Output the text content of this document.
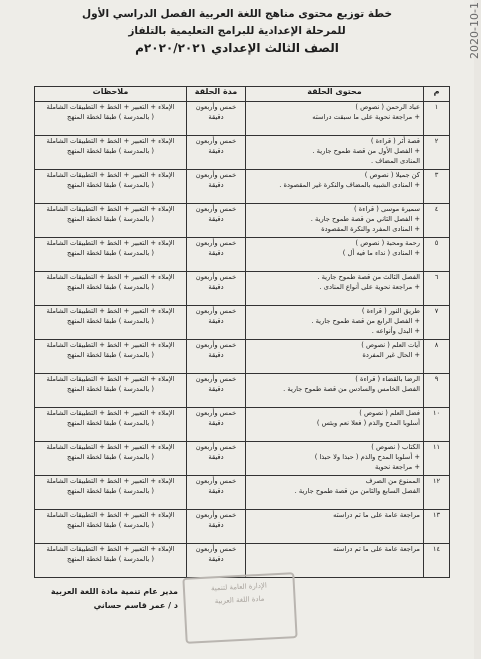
2020-10-1
خطة توزيع محتوى مناهج اللغة العربية الفصل الدراسي الأول
للمرحلة الإعدادية للبرامج التعليمية بالتلفاز
الصف الثالث الإعدادي ٢٠٢٠/٢٠٢١م
م	محتوى الحلقة	مدة الحلقة	ملاحظات
١	عباد الرحمن ( نصوص )
+ مراجعة نحوية على ما سبقت دراسته	خمس وأربعون دقيقة	الإملاء + التعبير + الخط + التطبيقات الشاملة
( بالمدرسة ) طبقا لخطة المنهج

٢	قصة أثر ( قراءة )
+ الفصل الأول من قصة طموح جارية .
المنادى المضاف .	خمس وأربعون دقيقة	الإملاء + التعبير + الخط + التطبيقات الشاملة
( بالمدرسة ) طبقا لخطة المنهج

٣	كن جميلا ( نصوص )
+ المنادى الشبيه بالمضاف والنكرة غير المقصودة .	خمس وأربعون دقيقة	الإملاء + التعبير + الخط + التطبيقات الشاملة
( بالمدرسة ) طبقا لخطة المنهج

٤	سميرة موسى ( قراءة )
+ الفصل الثاني من قصة طموح جارية .
+ المنادى المفرد والنكرة المقصودة	خمس وأربعون دقيقة	الإملاء + التعبير + الخط + التطبيقات الشاملة
( بالمدرسة ) طبقا لخطة المنهج

٥	رحمة ومحبة ( نصوص )
+ المنادى ( نداء ما فيه أل )	خمس وأربعون دقيقة	الإملاء + التعبير + الخط + التطبيقات الشاملة
( بالمدرسة ) طبقا لخطة المنهج

٦	الفصل الثالث من قصة طموح جارية .
+ مراجعة نحوية على أنواع المنادى .	خمس وأربعون دقيقة	الإملاء + التعبير + الخط + التطبيقات الشاملة
( بالمدرسة ) طبقا لخطة المنهج

٧	طريق النور ( قراءة )
+ الفصل الرابع من قصة طموح جارية .
+ البدل وأنواعه .	خمس وأربعون دقيقة	الإملاء + التعبير + الخط + التطبيقات الشاملة
( بالمدرسة ) طبقا لخطة المنهج

٨	آيات العلم ( نصوص )
+ الحال غير المفردة	خمس وأربعون دقيقة	الإملاء + التعبير + الخط + التطبيقات الشاملة
( بالمدرسة ) طبقا لخطة المنهج

٩	الرضا بالقضاء ( قراءة )
الفصل الخامس والسادس من قصة طموح جارية .	خمس وأربعون دقيقة	الإملاء + التعبير + الخط + التطبيقات الشاملة
( بالمدرسة ) طبقا لخطة المنهج

١٠	فضل العلم ( نصوص )
أسلوبا المدح والذم ( فعلا نعم وبئس )	خمس وأربعون دقيقة	الإملاء + التعبير + الخط + التطبيقات الشاملة
( بالمدرسة ) طبقا لخطة المنهج

١١	الكتاب ( نصوص )
+ أسلوبا المدح والذم ( حبذا ولا حبذا )
+ مراجعة نحوية	خمس وأربعون دقيقة	الإملاء + التعبير + الخط + التطبيقات الشاملة
( بالمدرسة ) طبقا لخطة المنهج

١٢	الممنوع من الصرف
الفصل السابع والثامن من قصة طموح جارية .	خمس وأربعون دقيقة	الإملاء + التعبير + الخط + التطبيقات الشاملة
( بالمدرسة ) طبقا لخطة المنهج

١٣	مراجعة عامة على ما تم دراسته	خمس وأربعون دقيقة	الإملاء + التعبير + الخط + التطبيقات الشاملة
( بالمدرسة ) طبقا لخطة المنهج

١٤	مراجعة عامة على ما تم دراسته	خمس وأربعون دقيقة	الإملاء + التعبير + الخط + التطبيقات الشاملة
( بالمدرسة ) طبقا لخطة المنهج
مدير عام تنمية مادة اللغة العربية
د / عمر قاسم حساني
الإدارة العامة لتنمية
مادة اللغة العربية
